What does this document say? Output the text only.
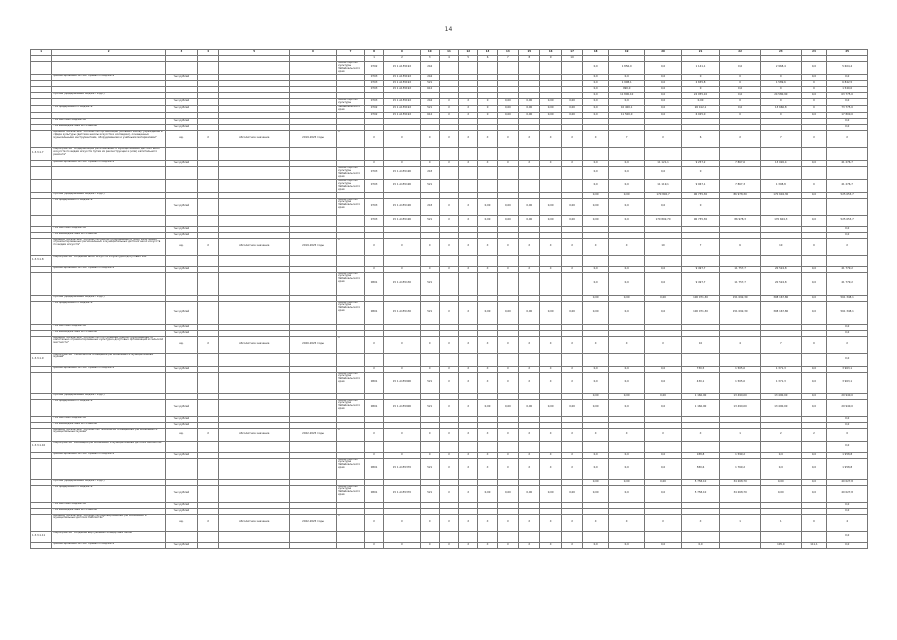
14
1	2	3	4	5	6	7	8	9	10	11	12	13	14	15	16	17	18	19	20	21	22	23	24	25
							1	2	3	4	5	6	7	8	9	10								
						Министерство культуры Забайкальского края	0702	15 1 А15519Х	244								0,0	1 856,0	0,0	1 141,1	0,0	2 968,4	0,0	5 604,4
	финансирование за счет краевого бюджета	тыс.рублей					0703	15 1 А15519Х	244								0,0	0,0	0,0	0	0	0	0,0	0,0
							0703	15 1 А15519Х	521								0,0	1 908,1	0,0	2 655,8	0	1 589,6	0	6 842,5
							0703	15 1 А15519Х	612								0,0	990,0	0,0	0	0,0	0	0	1 540,0
	прочие (федеральный бюджет и др.)																0,0	11 800,10	0,0	24 055,10	0,0	24 580,90	0,0	63 775,0
		тыс.рублей				Министерство культуры	0703	15 1 А15519Х	244	Х	Х	0	0,00	0,00	0,00	0,00	0,0	0,0	0,0	0,00	0	0	0	0,0
	- из федерального бюджета	тыс.рублей				Забайкальского края	0702	15 1 А15519Х	521	Х	Х	0	0,00	0,00	0,00	0,00	0,0	10 400,1	0,0	26 412,1	0,0	13 666,8	0	73 775,0
							0702	15 1 А15519Х	612	Х	Х	0	0,00	0,00	0,00	0,00	0,0	11 500,0	0,0	6 025,0	0	0	0,0	17 800,0
	- из местных бюджетов	тыс.рублей																						0,0
	- из внебюджетных источников	тыс.рублей																						0,0
	Целевой показатель "Количество организаций (больших залов), учреждений в сфере культуры (детские школы искусств и колледжи), оснащенных музыкальными инструментами, оборудованием и учебными материалами"	ед.	Х	Абсолютное значение	2019-2025 годы	Х	Х	Х	Х	Х	Х	Х	Х	Х	Х	Х	Х	7	Х	6	Х	7	Х	Х
1.3.3.1.7	Мероприятие "Модернизация региональных и муниципальных детских школ искусств по видам искусств путем их реконструкции и (или) капитального ремонта"																							
	финансирование за счет краевого бюджета	тыс.рублей					Х	Х	Х	Х	Х	Х	Х	Х	Х	Х	0,0	0,0	11 121,1	9 257,2	7 867,6	13 026,4	0,0	41 276,7
						Министерство культуры Забайкальского края	0703	15 1 А155190	243								0,0	0,0	0,0	0				
						Министерство культуры Забайкальского края	0703	15 1 А155190	521								0,0	0,0	11 119,1	9 067,1	7 867,3	1 308,8	0	41 276,7
	прочие (федеральный бюджет и др.)																0,00	0,00	170 892,7	96 735,30	86 978,30	170 604,30	0,0	525 653,7
	- из федерального бюджета	тыс.рублей				Министерство культуры Забайкальского края	0703	15 1 А155190	243	Х	Х	0,00	0,00	0,00	0,00	0,00	0,00	0,0	0,0	0				
							0703	15 1 А155190	521	Х	Х	0,00	0,00	0,00	0,00	0,00	0,00	0,0	170 892,70	96 735,30	86 978,3	170 604,3	0,0	525 653,7
	- из местных бюджетов	тыс.рублей																						0,0
	- из внебюджетных источников	тыс.рублей																						0,0
	Целевой показатель "Количество реконструированных и (или) капитально отремонтированных региональных и муниципальных детских школ искусств по видам искусств"	ед.	Х	Абсолютное значение	2019-2025 годы	Х	Х	Х	Х	Х	Х	Х	Х	Х	Х	Х	Х	Х	10	7	6	10	0	Х
1.3.3.1.8	Мероприятие "Создание школ искусств и культурно-досуговых зон"																							
	финансирование за счет краевого бюджета	тыс.рублей					Х	Х	Х	Х	Х	Х	Х	Х	Х	Х	0,0	0,0	0,0	9 497,7	11 757,7	20 524,8	0,0	41 779,2
						Министерство культуры Забайкальского края	0801	15 1 А155130	521								0,0	0,0	0,0	9 497,7	11 757,7	20 524,8	0,0	41 779,2
	прочие (федеральный бюджет и др.)																0,00	0,00	0,00	100 071,30	151 092,30	308 167,80	0,0	561 348,1
	- из федерального бюджета	тыс.рублей				Министерство культуры Забайкальского края	0801	15 1 А155130	521	Х	Х	0,00	0,00	0,00	0,00	0,00	0,00	0,0	0,0	100 071,30	151 092,30	308 167,80	0,0	561 348,1
	- из местных бюджетов	тыс.рублей																						0,0
	- из внебюджетных источников	тыс.рублей																						0,0
	Целевой показатель "Количество построенных (реконструированных) и капитально отремонтированных культурно-досуговых организаций в сельской местности"	ед.	Х	Абсолютное значение	2020-2025 годы	Х	Х	Х	Х	Х	Х	Х	Х	Х	Х	Х	Х	Х	Х	10	4	7	0	Х
1.3.3.1.9	Мероприятие "Техническое оснащение региональных и муниципальных музеев"																							0,0
	финансирование за счет краевого бюджета	тыс.рублей					Х	Х	Х	Х	Х	Х	Х	Х	Х	Х	0,0	0,0	0,0	730,5	1 505,0	1 371,3	0,0	3 963,1
						Министерство культуры Забайкальского края	0801	15 1 А155900	521	Х	Х	Х	Х	Х	Х	Х	0,0	0,0	0,0	430,1	1 505,0	1 371,3	0,0	3 963,1
	прочие (федеральный бюджет и др.)																0,00	0,00	0,00	1 160,90	13 490,00	13 490,00	0,0	29 940,0
	- из федерального бюджета	тыс.рублей				Министерство культуры Забайкальского края	0801	15 1 А155900	521	Х	Х	0,00	0,00	0,00	0,00	0,00	0,00	0,0	0,0	1 160,90	13 490,00	13 490,00	0,0	29 940,0
	- из местных бюджетов	тыс.рублей																						0,0
	- из внебюджетных источников	тыс.рублей																						0,0
	Целевой показатель "Количество технически оснащенных региональных и муниципальных музеев"	ед.	Х	Абсолютное значение	2022-2025 годы	Х	Х	Х	Х	Х	Х	Х	Х	Х	Х	Х	Х	Х	Х	Х	1	2	2	0
1.3.3.1.10	Мероприятие "Реновация региональных и муниципальных детских библиотек"																							0,0
	финансирование за счет краевого бюджета	тыс.рублей					Х	Х	Х	Х	Х	Х	Х	Х	Х	Х	0,0	0,0	0,0	188,8	1 599,2	0,0	0,0	1 958,8
						Министерство культуры Забайкальского края	0801	15 1 А155370	521	Х	Х	Х	Х	Х	Х	Х	0,0	0,0	0,0	580,6	1 769,2	0,0	0,0	1 958,8
	прочие (федеральный бюджет и др.)																0,00	0,00	0,00	5 758,10	34 268,70	0,00	0,0	40 027,8
	- из федерального бюджета	тыс.рублей				Министерство культуры Забайкальского края	0801	15 1 А155370	521	Х	Х	0,00	0,00	0,00	0,00	0,00	0,00	0,0	0,0	5 758,10	34 268,70	0,00	0,0	40 027,8
	- из местных бюджетов	тыс.рублей																						0,0
	- из внебюджетных источников	тыс.рублей																						0,0
	Целевой показатель "Количество реновированных региональных и муниципальных детских библиотек"	ед.	Х	Абсолютное значение	2022-2025 годы	Х	Х	Х	Х	Х	Х	Х	Х	Х	Х	Х	Х	Х	Х	Х	1	1	0	4
1.3.3.1.11	Мероприятие "Создание виртуальных концертных залов"																							0,0
	финансирование за счет краевого бюджета	тыс.рублей					Х	Х	Х	Х	Х	Х	Х	Х	Х	Х	0,0	0,0	0,0	0,0		105,0	111,1	0,0
